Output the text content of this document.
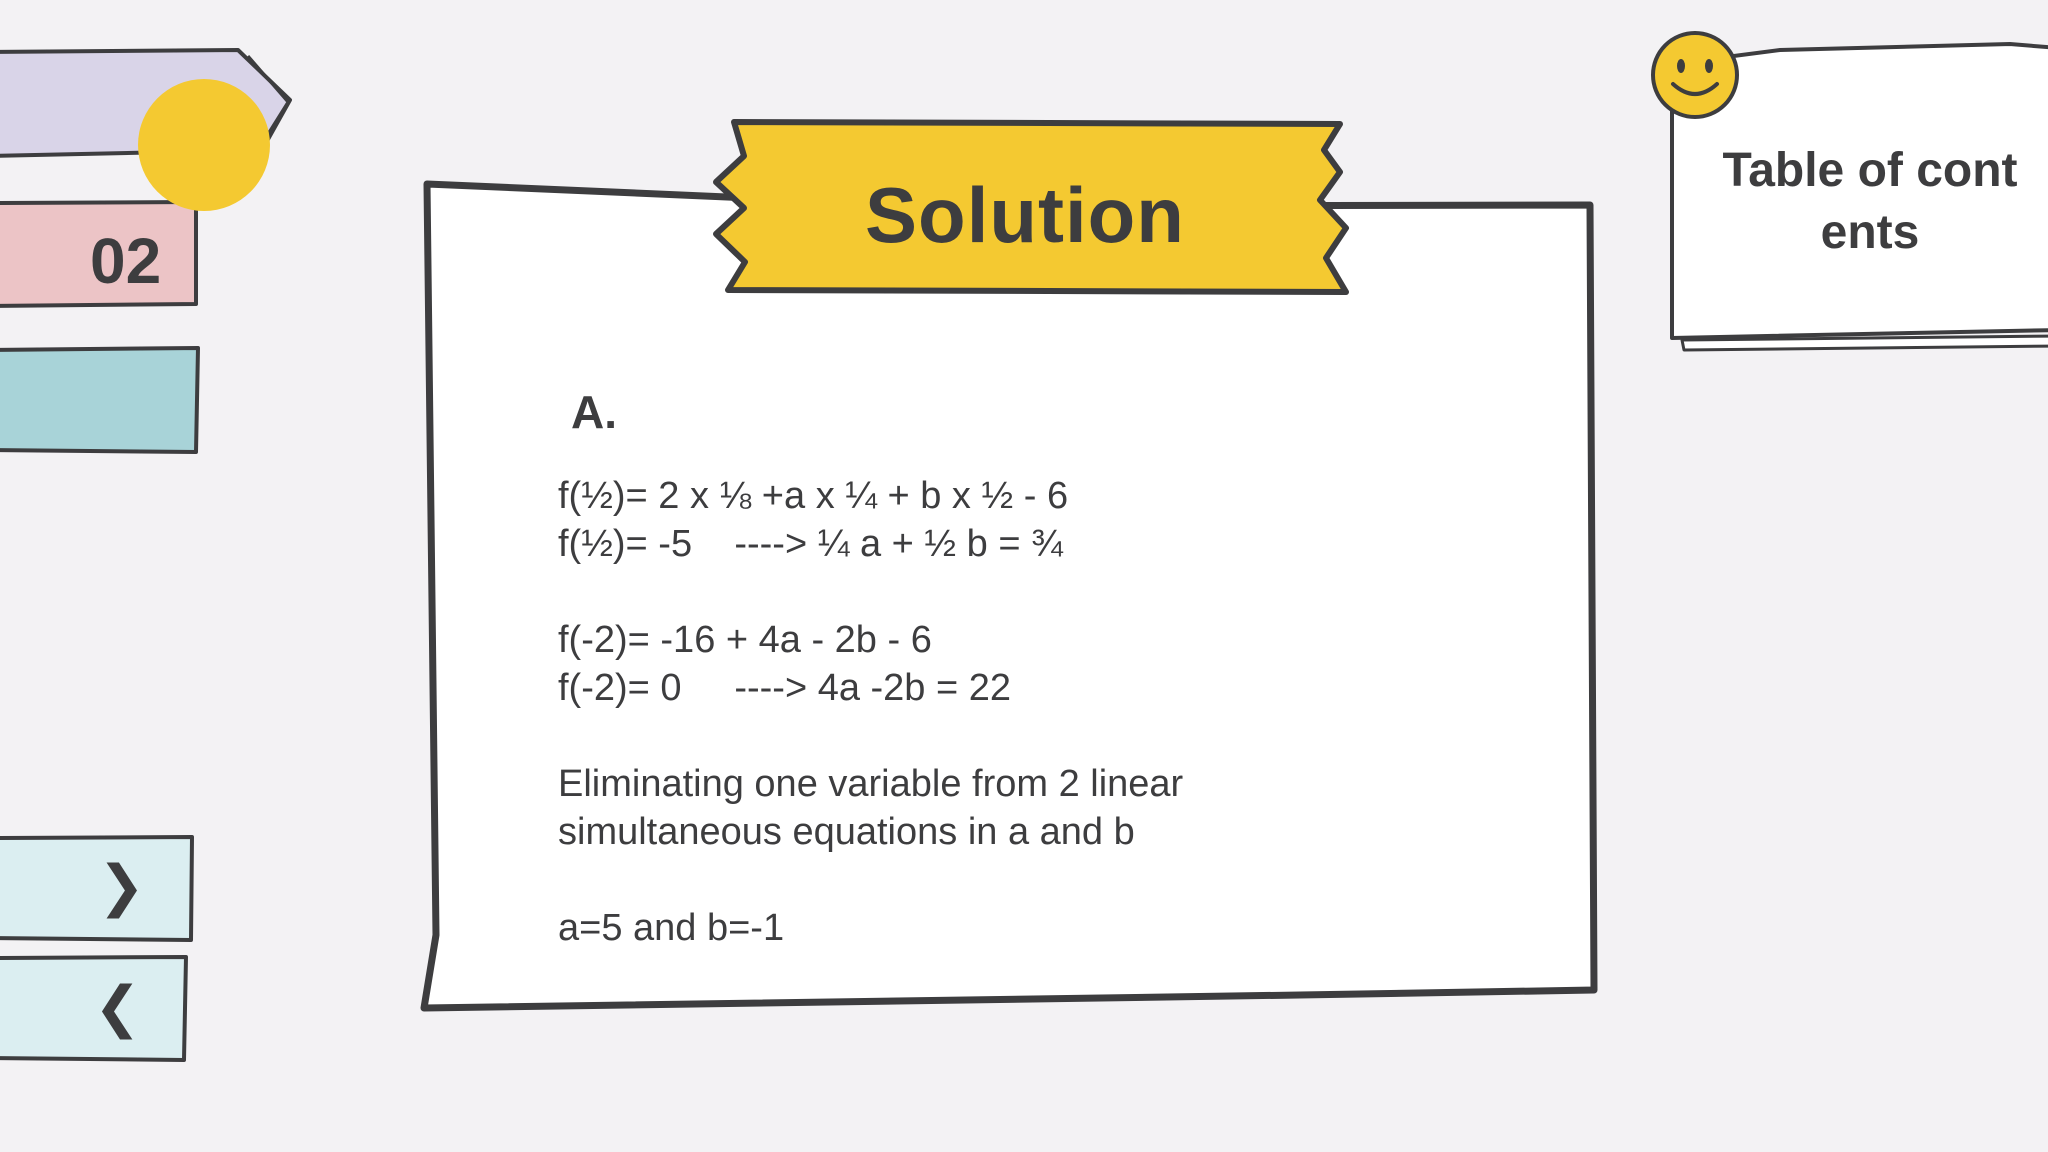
02
❯
❮
Solution
A.
f(½)= 2 x ⅛ +a x ¼ + b x ½ - 6
f(½)= -5    ----> ¼ a + ½ b = ¾
f(-2)= -16 + 4a - 2b - 6
f(-2)= 0     ----> 4a -2b = 22
Eliminating one variable from 2 linear
simultaneous equations in a and b
a=5 and b=-1
Table of contents
